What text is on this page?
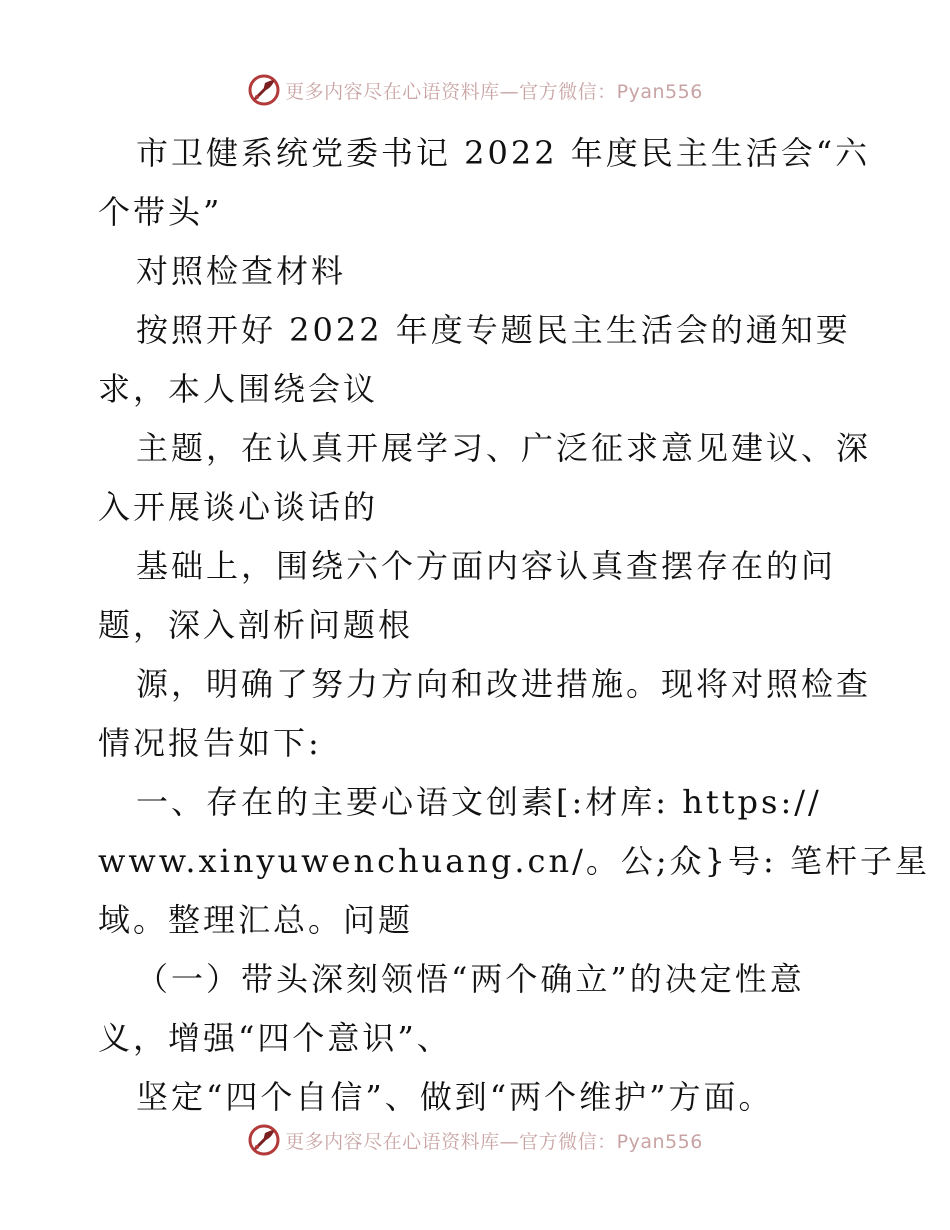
更多内容尽在心语资料库—官方微信：Pyan556
市卫健系统党委书记 2022 年度民主生活会“六
个带头”
对照检查材料
按照开好 2022 年度专题民主生活会的通知要
求，本人围绕会议
主题，在认真开展学习、广泛征求意见建议、深
入开展谈心谈话的
基础上，围绕六个方面内容认真查摆存在的问
题，深入剖析问题根
源，明确了努力方向和改进措施。现将对照检查
情况报告如下:
一、存在的主要心语文创素[:材库: https://
www.xinyuwenchuang.cn/。公;众}号: 笔杆子星
域。整理汇总。问题
（一）带头深刻领悟“两个确立”的决定性意
义，增强“四个意识”、
坚定“四个自信”、做到“两个维护”方面。
更多内容尽在心语资料库—官方微信：Pyan556
